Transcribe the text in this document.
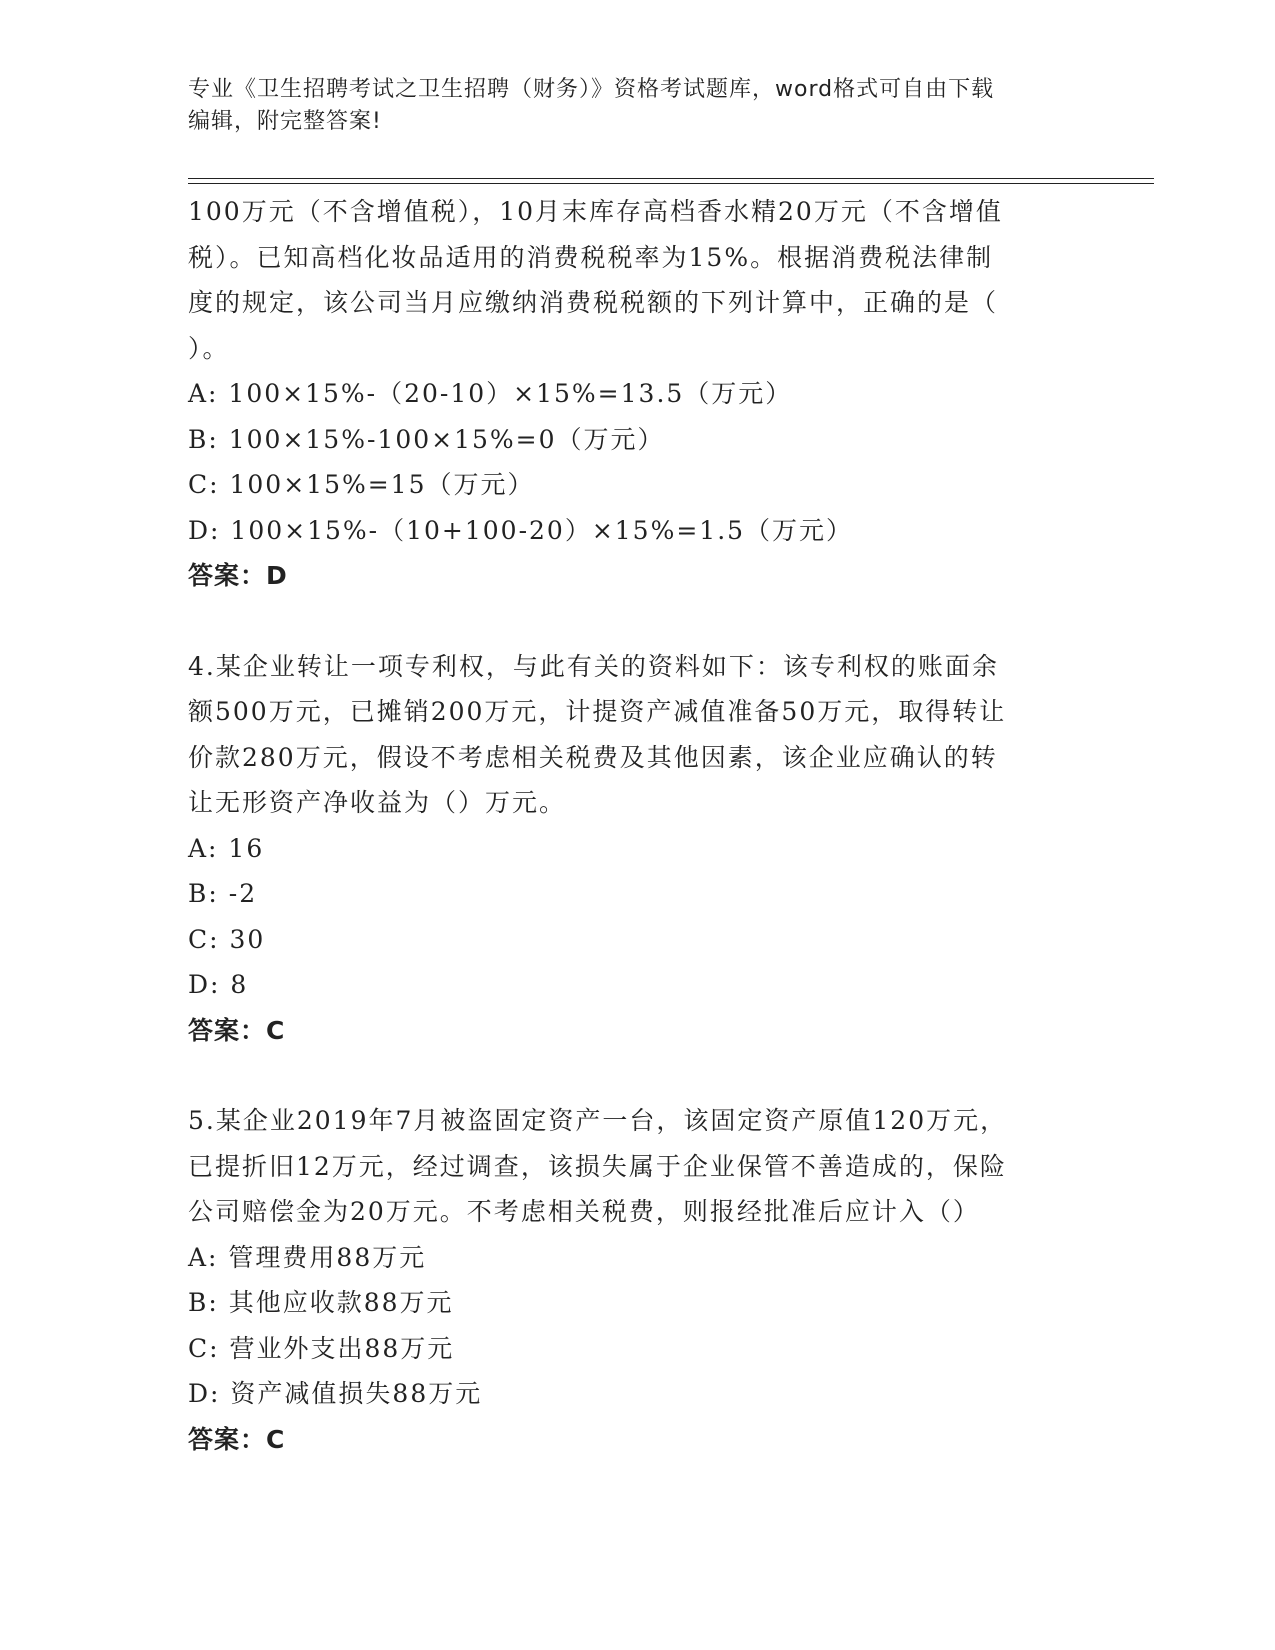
专业《卫生招聘考试之卫生招聘（财务）》资格考试题库，word格式可自由下载

编辑，附完整答案!

100万元（不含增值税），10月末库存高档香水精20万元（不含增值

税）。已知高档化妆品适用的消费税税率为15%。根据消费税法律制

度的规定，该公司当月应缴纳消费税税额的下列计算中，正确的是（

）。

A: 100×15%-（20-10）×15%=13.5（万元）

B: 100×15%-100×15%=0（万元）

C: 100×15%=15（万元）

D: 100×15%-（10+100-20）×15%=1.5（万元）

答案：D

4.某企业转让一项专利权，与此有关的资料如下：该专利权的账面余

额500万元，已摊销200万元，计提资产减值准备50万元，取得转让

价款280万元，假设不考虑相关税费及其他因素，该企业应确认的转

让无形资产净收益为（）万元。

A: 16

B: -2

C: 30

D: 8

答案：C

5.某企业2019年7月被盗固定资产一台，该固定资产原值120万元，

已提折旧12万元，经过调查，该损失属于企业保管不善造成的，保险

公司赔偿金为20万元。不考虑相关税费，则报经批准后应计入（）

A: 管理费用88万元

B: 其他应收款88万元

C: 营业外支出88万元

D: 资产减值损失88万元

答案：C
